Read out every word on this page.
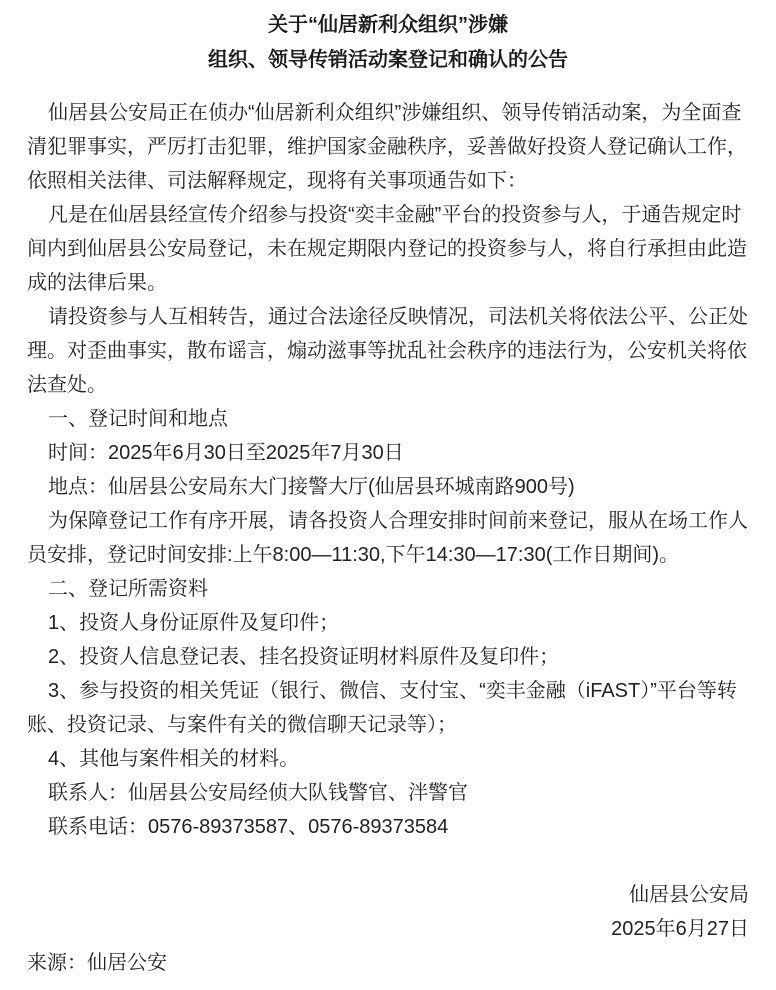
关于“仙居新利众组织”涉嫌
组织、领导传销活动案登记和确认的公告

仙居县公安局正在侦办“仙居新利众组织”涉嫌组织、领导传销活动案，为全面查清犯罪事实，严厉打击犯罪，维护国家金融秩序，妥善做好投资人登记确认工作，依照相关法律、司法解释规定，现将有关事项通告如下：

凡是在仙居县经宣传介绍参与投资“奕丰金融”平台的投资参与人，于通告规定时间内到仙居县公安局登记，未在规定期限内登记的投资参与人，将自行承担由此造成的法律后果。

请投资参与人互相转告，通过合法途径反映情况，司法机关将依法公平、公正处理。对歪曲事实，散布谣言，煽动滋事等扰乱社会秩序的违法行为，公安机关将依法查处。

一、登记时间和地点

时间：2025年6月30日至2025年7月30日

地点：仙居县公安局东大门接警大厅(仙居县环城南路900号)

为保障登记工作有序开展，请各投资人合理安排时间前来登记，服从在场工作人员安排，登记时间安排:上午8:00—11:30,下午14:30—17:30(工作日期间)。

二、登记所需资料

1、投资人身份证原件及复印件；

2、投资人信息登记表、挂名投资证明材料原件及复印件；

3、参与投资的相关凭证（银行、微信、支付宝、“奕丰金融（iFAST）”平台等转账、投资记录、与案件有关的微信聊天记录等）；

4、其他与案件相关的材料。

联系人：仙居县公安局经侦大队钱警官、泮警官

联系电话：0576-89373587、0576-89373584

仙居县公安局

2025年6月27日

来源：仙居公安
